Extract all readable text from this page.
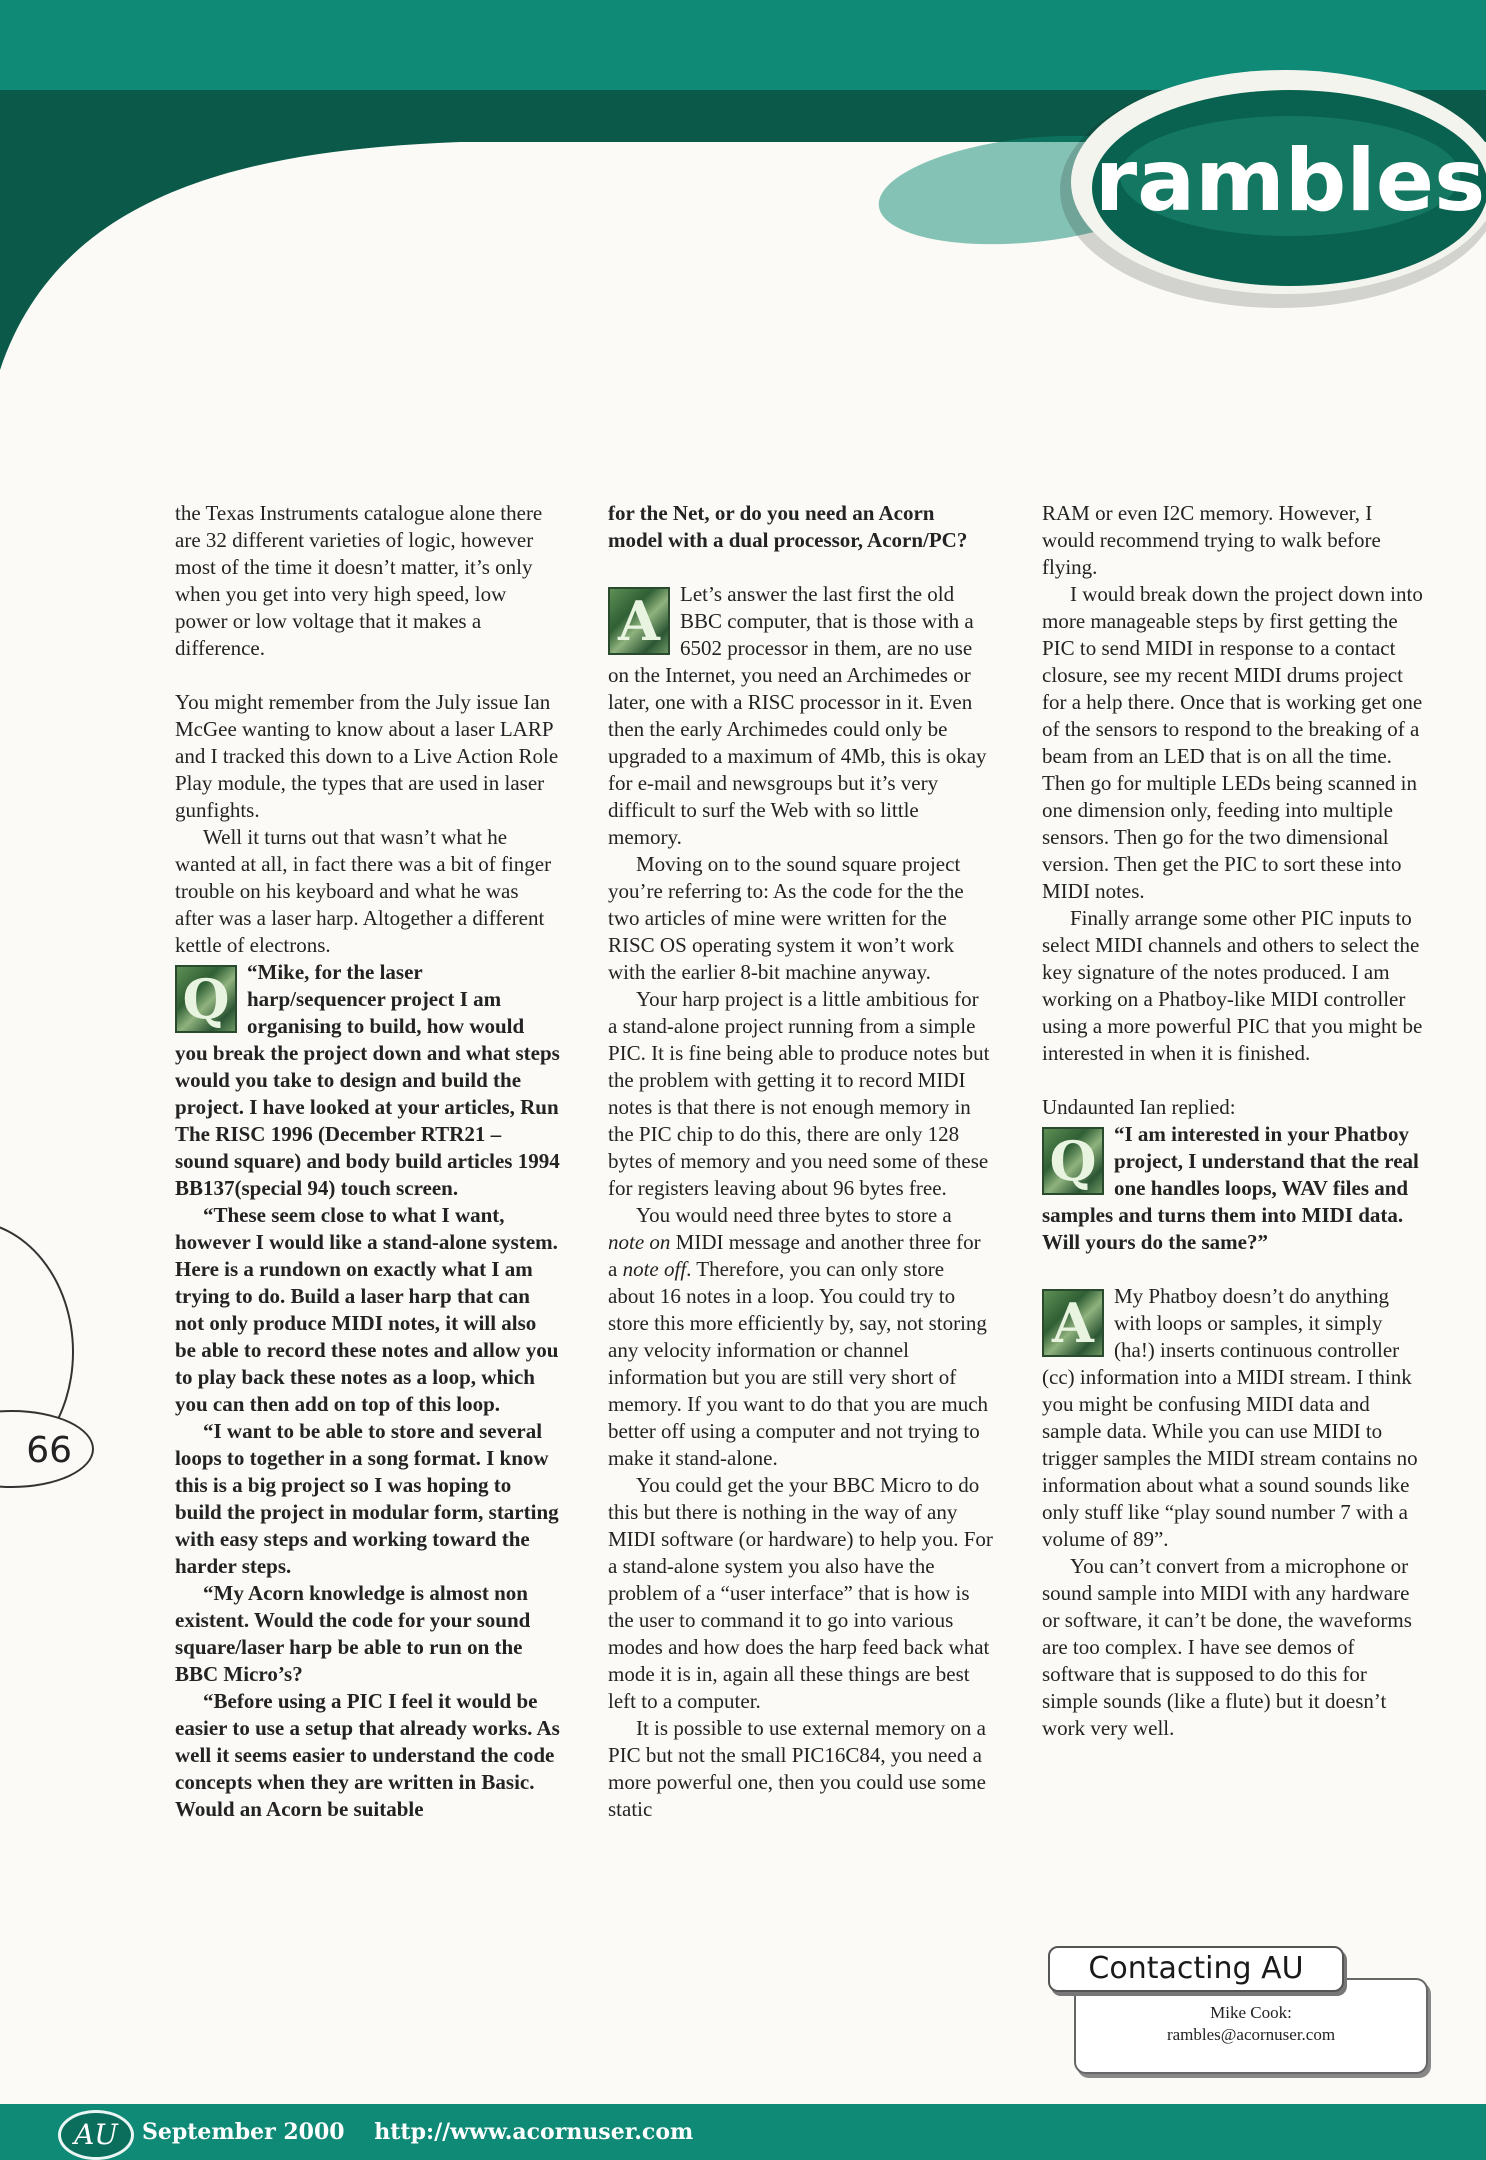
rambles
66

the Texas Instruments catalogue alone there are 32 different varieties of logic, however most of the time it doesn’t matter, it’s only when you get into very high speed, low power or low voltage that it makes a difference.

You might remember from the July issue Ian McGee wanting to know about a laser LARP and I tracked this down to a Live Action Role Play module, the types that are used in laser gunfights.

Well it turns out that wasn’t what he wanted at all, in fact there was a bit of finger trouble on his keyboard and what he was after was a laser harp. Altogether a different kettle of electrons.

Q “Mike, for the laser harp/sequencer project I am organising to build, how would you break the project down and what steps would you take to design and build the project. I have looked at your articles, Run The RISC 1996 (December RTR21 – sound square) and body build articles 1994 BB137(special 94) touch screen.

“These seem close to what I want, however I would like a stand-alone system. Here is a rundown on exactly what I am trying to do. Build a laser harp that can not only produce MIDI notes, it will also be able to record these notes and allow you to play back these notes as a loop, which you can then add on top of this loop.

“I want to be able to store and several loops to together in a song format. I know this is a big project so I was hoping to build the project in modular form, starting with easy steps and working toward the harder steps.

“My Acorn knowledge is almost non existent. Would the code for your sound square/laser harp be able to run on the BBC Micro’s?

“Before using a PIC I feel it would be easier to use a setup that already works. As well it seems easier to understand the code concepts when they are written in Basic. Would an Acorn be suitable

for the Net, or do you need an Acorn model with a dual processor, Acorn/PC?

A Let’s answer the last first the old BBC computer, that is those with a 6502 processor in them, are no use on the Internet, you need an Archimedes or later, one with a RISC processor in it. Even then the early Archimedes could only be upgraded to a maximum of 4Mb, this is okay for e-mail and newsgroups but it’s very difficult to surf the Web with so little memory.

Moving on to the sound square project you’re referring to: As the code for the the two articles of mine were written for the RISC OS operating system it won’t work with the earlier 8-bit machine anyway.

Your harp project is a little ambitious for a stand-alone project running from a simple PIC. It is fine being able to produce notes but the problem with getting it to record MIDI notes is that there is not enough memory in the PIC chip to do this, there are only 128 bytes of memory and you need some of these for registers leaving about 96 bytes free.

You would need three bytes to store a note on MIDI message and another three for a note off. Therefore, you can only store about 16 notes in a loop. You could try to store this more efficiently by, say, not storing any velocity information or channel information but you are still very short of memory. If you want to do that you are much better off using a computer and not trying to make it stand-alone.

You could get the your BBC Micro to do this but there is nothing in the way of any MIDI software (or hardware) to help you. For a stand-alone system you also have the problem of a “user interface” that is how is the user to command it to go into various modes and how does the harp feed back what mode it is in, again all these things are best left to a computer.

It is possible to use external memory on a PIC but not the small PIC16C84, you need a more powerful one, then you could use some static

RAM or even I2C memory. However, I would recommend trying to walk before flying.

I would break down the project down into more manageable steps by first getting the PIC to send MIDI in response to a contact closure, see my recent MIDI drums project for a help there. Once that is working get one of the sensors to respond to the breaking of a beam from an LED that is on all the time. Then go for multiple LEDs being scanned in one dimension only, feeding into multiple sensors. Then go for the two dimensional version. Then get the PIC to sort these into MIDI notes.

Finally arrange some other PIC inputs to select MIDI channels and others to select the key signature of the notes produced. I am working on a Phatboy-like MIDI controller using a more powerful PIC that you might be interested in when it is finished.

Undaunted Ian replied:

Q “I am interested in your Phatboy project, I understand that the real one handles loops, WAV files and samples and turns them into MIDI data. Will yours do the same?”

A My Phatboy doesn’t do anything with loops or samples, it simply (ha!) inserts continuous controller (cc) information into a MIDI stream. I think you might be confusing MIDI data and sample data. While you can use MIDI to trigger samples the MIDI stream contains no information about what a sound sounds like only stuff like “play sound number 7 with a volume of 89”.

You can’t convert from a microphone or sound sample into MIDI with any hardware or software, it can’t be done, the waveforms are too complex. I have see demos of software that is supposed to do this for simple sounds (like a flute) but it doesn’t work very well.

Mike Cook:
rambles@acornuser.com
Contacting AU
AU	September 2000 http://www.acornuser.com
